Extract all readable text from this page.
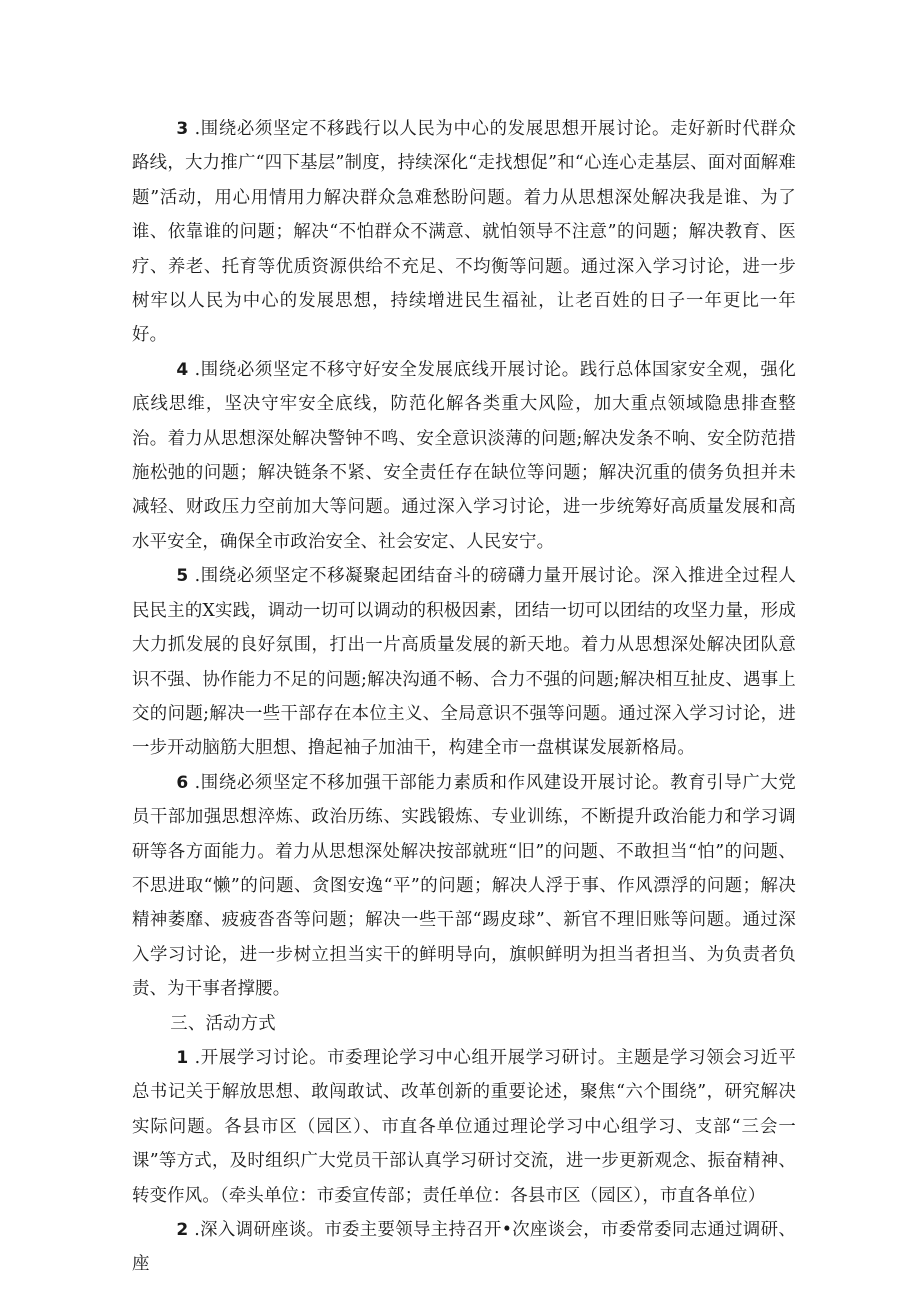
3 .围绕必须坚定不移践行以人民为中心的发展思想开展讨论。走好新时代群众路线，大力推广“四下基层”制度，持续深化“走找想促”和“心连心走基层、面对面解难题”活动，用心用情用力解决群众急难愁盼问题。着力从思想深处解决我是谁、为了谁、依靠谁的问题；解决“不怕群众不满意、就怕领导不注意”的问题；解决教育、医疗、养老、托育等优质资源供给不充足、不均衡等问题。通过深入学习讨论，进一步树牢以人民为中心的发展思想，持续增进民生福祉，让老百姓的日子一年更比一年好。

4 .围绕必须坚定不移守好安全发展底线开展讨论。践行总体国家安全观，强化底线思维，坚决守牢安全底线，防范化解各类重大风险，加大重点领域隐患排查整治。着力从思想深处解决警钟不鸣、安全意识淡薄的问题;解决发条不响、安全防范措施松弛的问题；解决链条不紧、安全责任存在缺位等问题；解决沉重的债务负担并未减轻、财政压力空前加大等问题。通过深入学习讨论，进一步统筹好高质量发展和高水平安全，确保全市政治安全、社会安定、人民安宁。

5 .围绕必须坚定不移凝聚起团结奋斗的磅礴力量开展讨论。深入推进全过程人民民主的X实践，调动一切可以调动的积极因素，团结一切可以团结的攻坚力量，形成大力抓发展的良好氛围，打出一片高质量发展的新天地。着力从思想深处解决团队意识不强、协作能力不足的问题;解决沟通不畅、合力不强的问题;解决相互扯皮、遇事上交的问题;解决一些干部存在本位主义、全局意识不强等问题。通过深入学习讨论，进一步开动脑筋大胆想、撸起袖子加油干，构建全市一盘棋谋发展新格局。

6 .围绕必须坚定不移加强干部能力素质和作风建设开展讨论。教育引导广大党员干部加强思想淬炼、政治历练、实践锻炼、专业训练，不断提升政治能力和学习调研等各方面能力。着力从思想深处解决按部就班“旧”的问题、不敢担当“怕”的问题、不思进取“懒”的问题、贪图安逸“平”的问题；解决人浮于事、作风漂浮的问题；解决精神萎靡、疲疲沓沓等问题；解决一些干部“踢皮球”、新官不理旧账等问题。通过深入学习讨论，进一步树立担当实干的鲜明导向，旗帜鲜明为担当者担当、为负责者负责、为干事者撑腰。

三、活动方式

1 .开展学习讨论。市委理论学习中心组开展学习研讨。主题是学习领会习近平总书记关于解放思想、敢闯敢试、改革创新的重要论述，聚焦“六个围绕”，研究解决实际问题。各县市区（园区）、市直各单位通过理论学习中心组学习、支部“三会一课”等方式，及时组织广大党员干部认真学习研讨交流，进一步更新观念、振奋精神、转变作风。（牵头单位：市委宣传部；责任单位：各县市区（园区），市直各单位）

2 .深入调研座谈。市委主要领导主持召开•次座谈会，市委常委同志通过调研、座
